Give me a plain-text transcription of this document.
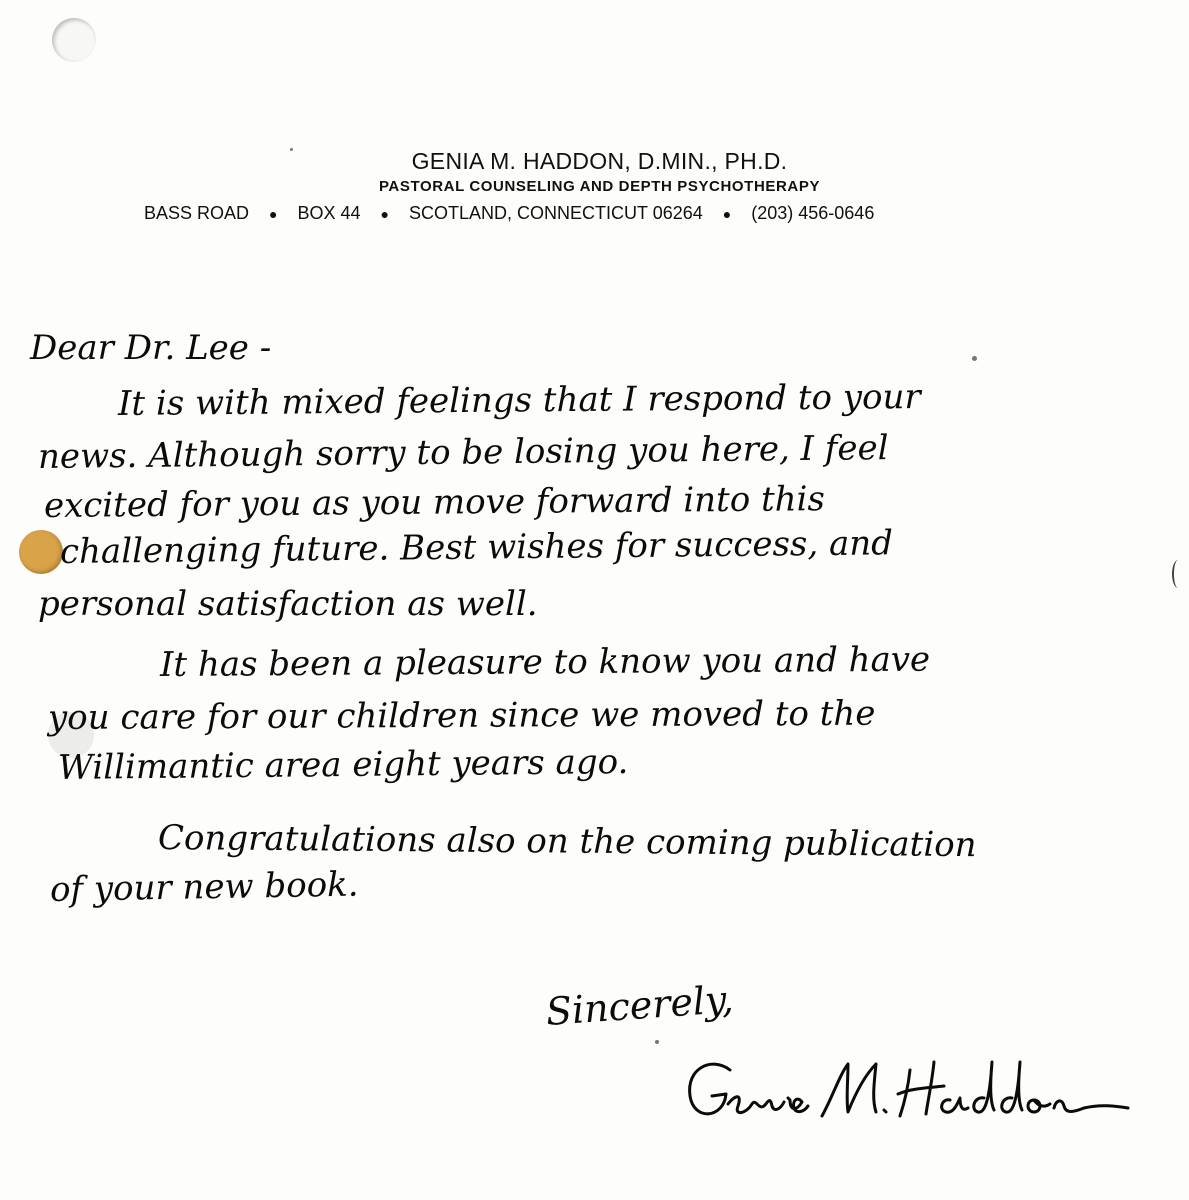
GENIA M. HADDON, D.MIN., PH.D.
PASTORAL COUNSELING AND DEPTH PSYCHOTHERAPY
BASS ROAD ● BOX 44 ● SCOTLAND, CONNECTICUT 06264 ● (203) 456-0646
Dear Dr. Lee -
It is with mixed feelings that I respond to your
news. Although sorry to be losing you here, I feel
excited for you as you move forward into this
challenging future. Best wishes for success, and
personal satisfaction as well.
It has been a pleasure to know you and have
you care for our children since we moved to the
Willimantic area eight years ago.
Congratulations also on the coming publication
of your new book.
Sincerely,
